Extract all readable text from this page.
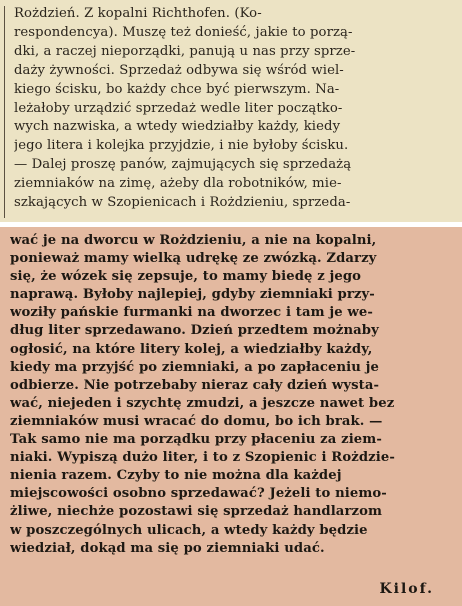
Rożdzień. Z kopalni Richthofen. (Ko-
respondencya). Muszę też donieść, jakie to porzą-
dki, a raczej nieporządki, panują u nas przy sprze-
daży żywności. Sprzedaż odbywa się wśród wiel-
kiego ścisku, bo każdy chce być pierwszym. Na-
leżałoby urządzić sprzedaż wedle liter początko-
wych nazwiska, a wtedy wiedziałby każdy, kiedy
jego litera i kolejka przyjdzie, i nie byłoby ścisku.
— Dalej proszę panów, zajmujących się sprzedażą
ziemniaków na zimę, ażeby dla robotników, mie-
szkających w Szopienicach i Rożdzieniu, sprzeda-
wać je na dworcu w Rożdzieniu, a nie na kopalni,
ponieważ mamy wielką udrękę ze zwózką. Zdarzy
się, że wózek się zepsuje, to mamy biedę z jego
naprawą. Byłoby najlepiej, gdyby ziemniaki przy-
woziły pańskie furmanki na dworzec i tam je we-
dług liter sprzedawano. Dzień przedtem możnaby
ogłosić, na które litery kolej, a wiedziałby każdy,
kiedy ma przyjść po ziemniaki, a po zapłaceniu je
odbierze. Nie potrzebaby nieraz cały dzień wysta-
wać, niejeden i szychtę zmudzi, a jeszcze nawet bez
ziemniaków musi wracać do domu, bo ich brak. —
Tak samo nie ma porządku przy płaceniu za ziem-
niaki. Wypiszą dużo liter, i to z Szopienic i Rożdzie-
nienia razem. Czyby to nie można dla każdej
miejscowości osobno sprzedawać? Jeżeli to niemo-
żliwe, niechże pozostawi się sprzedaż handlarzom
w poszczególnych ulicach, a wtedy każdy będzie
wiedział, dokąd ma się po ziemniaki udać.
Kilof.
